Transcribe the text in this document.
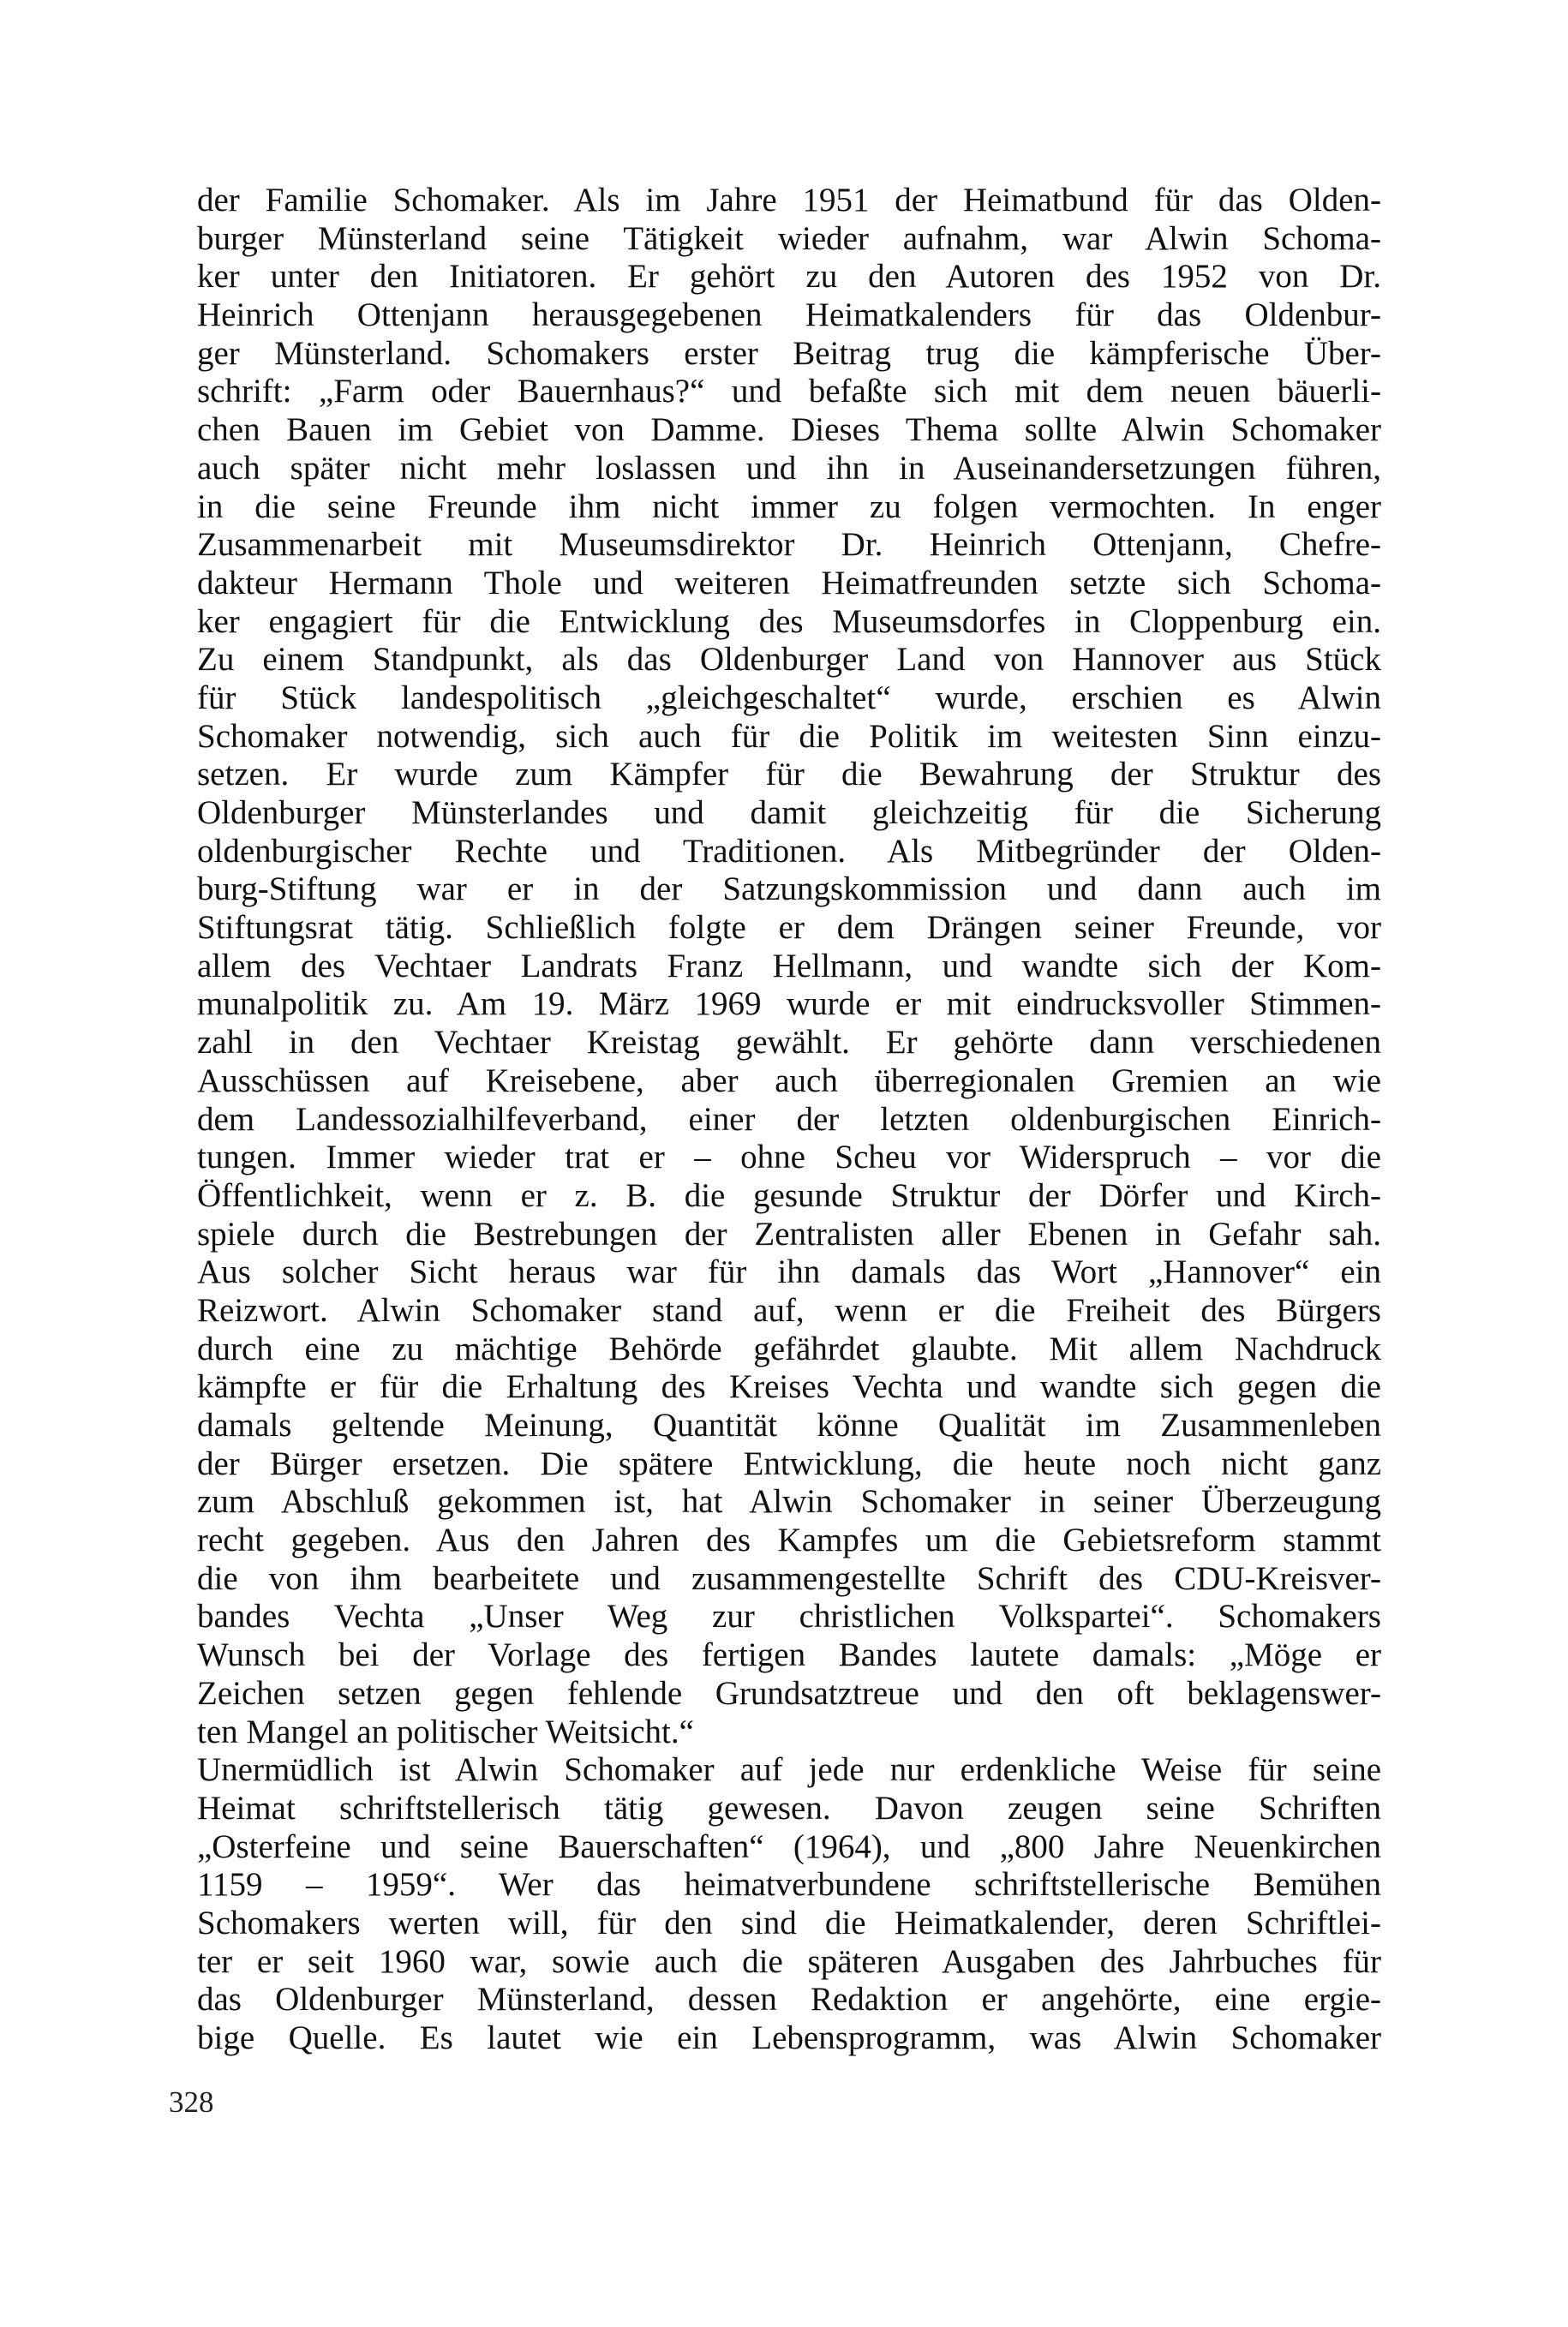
der Familie Schomaker. Als im Jahre 1951 der Heimatbund für das Olden-
burger Münsterland seine Tätigkeit wieder aufnahm, war Alwin Schoma-
ker unter den Initiatoren. Er gehört zu den Autoren des 1952 von Dr.
Heinrich Ottenjann herausgegebenen Heimatkalenders für das Oldenbur-
ger Münsterland. Schomakers erster Beitrag trug die kämpferische Über-
schrift: „Farm oder Bauernhaus?“ und befaßte sich mit dem neuen bäuerli-
chen Bauen im Gebiet von Damme. Dieses Thema sollte Alwin Schomaker
auch später nicht mehr loslassen und ihn in Auseinandersetzungen führen,
in die seine Freunde ihm nicht immer zu folgen vermochten. In enger
Zusammenarbeit mit Museumsdirektor Dr. Heinrich Ottenjann, Chefre-
dakteur Hermann Thole und weiteren Heimatfreunden setzte sich Schoma-
ker engagiert für die Entwicklung des Museumsdorfes in Cloppenburg ein.
Zu einem Standpunkt, als das Oldenburger Land von Hannover aus Stück
für Stück landespolitisch „gleichgeschaltet“ wurde, erschien es Alwin
Schomaker notwendig, sich auch für die Politik im weitesten Sinn einzu-
setzen. Er wurde zum Kämpfer für die Bewahrung der Struktur des
Oldenburger Münsterlandes und damit gleichzeitig für die Sicherung
oldenburgischer Rechte und Traditionen. Als Mitbegründer der Olden-
burg-Stiftung war er in der Satzungskommission und dann auch im
Stiftungsrat tätig. Schließlich folgte er dem Drängen seiner Freunde, vor
allem des Vechtaer Landrats Franz Hellmann, und wandte sich der Kom-
munalpolitik zu. Am 19. März 1969 wurde er mit eindrucksvoller Stimmen-
zahl in den Vechtaer Kreistag gewählt. Er gehörte dann verschiedenen
Ausschüssen auf Kreisebene, aber auch überregionalen Gremien an wie
dem Landessozialhilfeverband, einer der letzten oldenburgischen Einrich-
tungen. Immer wieder trat er – ohne Scheu vor Widerspruch – vor die
Öffentlichkeit, wenn er z. B. die gesunde Struktur der Dörfer und Kirch-
spiele durch die Bestrebungen der Zentralisten aller Ebenen in Gefahr sah.
Aus solcher Sicht heraus war für ihn damals das Wort „Hannover“ ein
Reizwort. Alwin Schomaker stand auf, wenn er die Freiheit des Bürgers
durch eine zu mächtige Behörde gefährdet glaubte. Mit allem Nachdruck
kämpfte er für die Erhaltung des Kreises Vechta und wandte sich gegen die
damals geltende Meinung, Quantität könne Qualität im Zusammenleben
der Bürger ersetzen. Die spätere Entwicklung, die heute noch nicht ganz
zum Abschluß gekommen ist, hat Alwin Schomaker in seiner Überzeugung
recht gegeben. Aus den Jahren des Kampfes um die Gebietsreform stammt
die von ihm bearbeitete und zusammengestellte Schrift des CDU-Kreisver-
bandes Vechta „Unser Weg zur christlichen Volkspartei“. Schomakers
Wunsch bei der Vorlage des fertigen Bandes lautete damals: „Möge er
Zeichen setzen gegen fehlende Grundsatztreue und den oft beklagenswer-
ten Mangel an politischer Weitsicht.“
Unermüdlich ist Alwin Schomaker auf jede nur erdenkliche Weise für seine
Heimat schriftstellerisch tätig gewesen. Davon zeugen seine Schriften
„Osterfeine und seine Bauerschaften“ (1964), und „800 Jahre Neuenkirchen
1159 – 1959“. Wer das heimatverbundene schriftstellerische Bemühen
Schomakers werten will, für den sind die Heimatkalender, deren Schriftlei-
ter er seit 1960 war, sowie auch die späteren Ausgaben des Jahrbuches für
das Oldenburger Münsterland, dessen Redaktion er angehörte, eine ergie-
bige Quelle. Es lautet wie ein Lebensprogramm, was Alwin Schomaker
328
